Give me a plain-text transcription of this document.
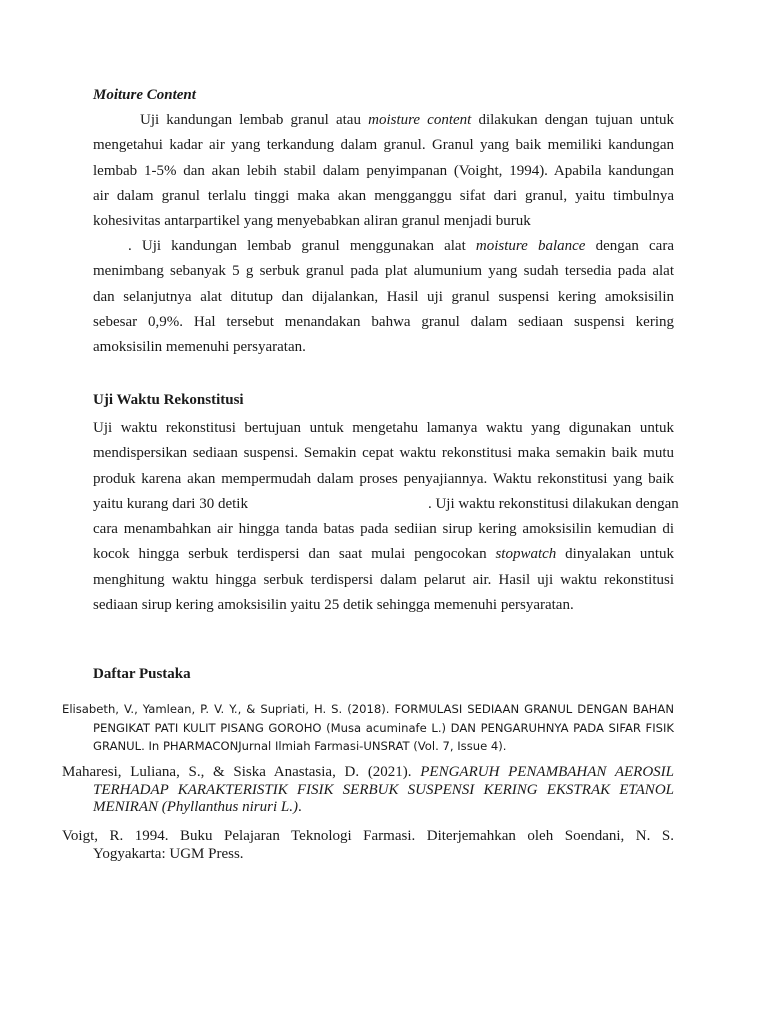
Moiture Content
Uji kandungan lembab granul atau moisture content dilakukan dengan tujuan untuk
mengetahui kadar air yang terkandung dalam granul. Granul yang baik memiliki kandungan
lembab 1-5% dan akan lebih stabil dalam penyimpanan (Voight, 1994). Apabila kandungan
air dalam granul terlalu tinggi maka akan mengganggu sifat dari granul, yaitu timbulnya
kohesivitas antarpartikel yang menyebabkan aliran granul menjadi buruk
. Uji kandungan lembab granul menggunakan alat moisture balance dengan cara
menimbang sebanyak 5 g serbuk granul pada plat alumunium yang sudah tersedia pada alat
dan selanjutnya alat ditutup dan dijalankan, Hasil uji granul suspensi kering amoksisilin
sebesar 0,9%. Hal tersebut menandakan bahwa granul dalam sediaan suspensi kering
amoksisilin memenuhi persyaratan.
Uji Waktu Rekonstitusi
Uji waktu rekonstitusi bertujuan untuk mengetahu lamanya waktu yang digunakan untuk
mendispersikan sediaan suspensi. Semakin cepat waktu rekonstitusi maka semakin baik mutu
produk karena akan mempermudah dalam proses penyajiannya. Waktu rekonstitusi yang baik
yaitu kurang dari 30 detik	. Uji waktu rekonstitusi dilakukan dengan
cara menambahkan air hingga tanda batas pada sediian sirup kering amoksisilin kemudian di
kocok hingga serbuk terdispersi dan saat mulai pengocokan stopwatch dinyalakan untuk
menghitung waktu hingga serbuk terdispersi dalam pelarut air. Hasil uji waktu rekonstitusi
sediaan sirup kering amoksisilin yaitu 25 detik sehingga memenuhi persyaratan.
Daftar Pustaka
Elisabeth, V., Yamlean, P. V. Y., & Supriati, H. S. (2018). FORMULASI SEDIAAN GRANUL DENGAN BAHAN
PENGIKAT PATI KULIT PISANG GOROHO (Musa acuminafe L.) DAN PENGARUHNYA PADA SIFAR FISIK
GRANUL. In PHARMACONJurnal Ilmiah Farmasi-UNSRAT (Vol. 7, Issue 4).
Maharesi, Luliana, S., & Siska Anastasia, D. (2021). PENGARUH PENAMBAHAN AEROSIL
TERHADAP KARAKTERISTIK FISIK SERBUK SUSPENSI KERING EKSTRAK ETANOL
MENIRAN (Phyllanthus niruri L.).
Voigt, R. 1994. Buku Pelajaran Teknologi Farmasi. Diterjemahkan oleh Soendani, N. S.
Yogyakarta: UGM Press.
